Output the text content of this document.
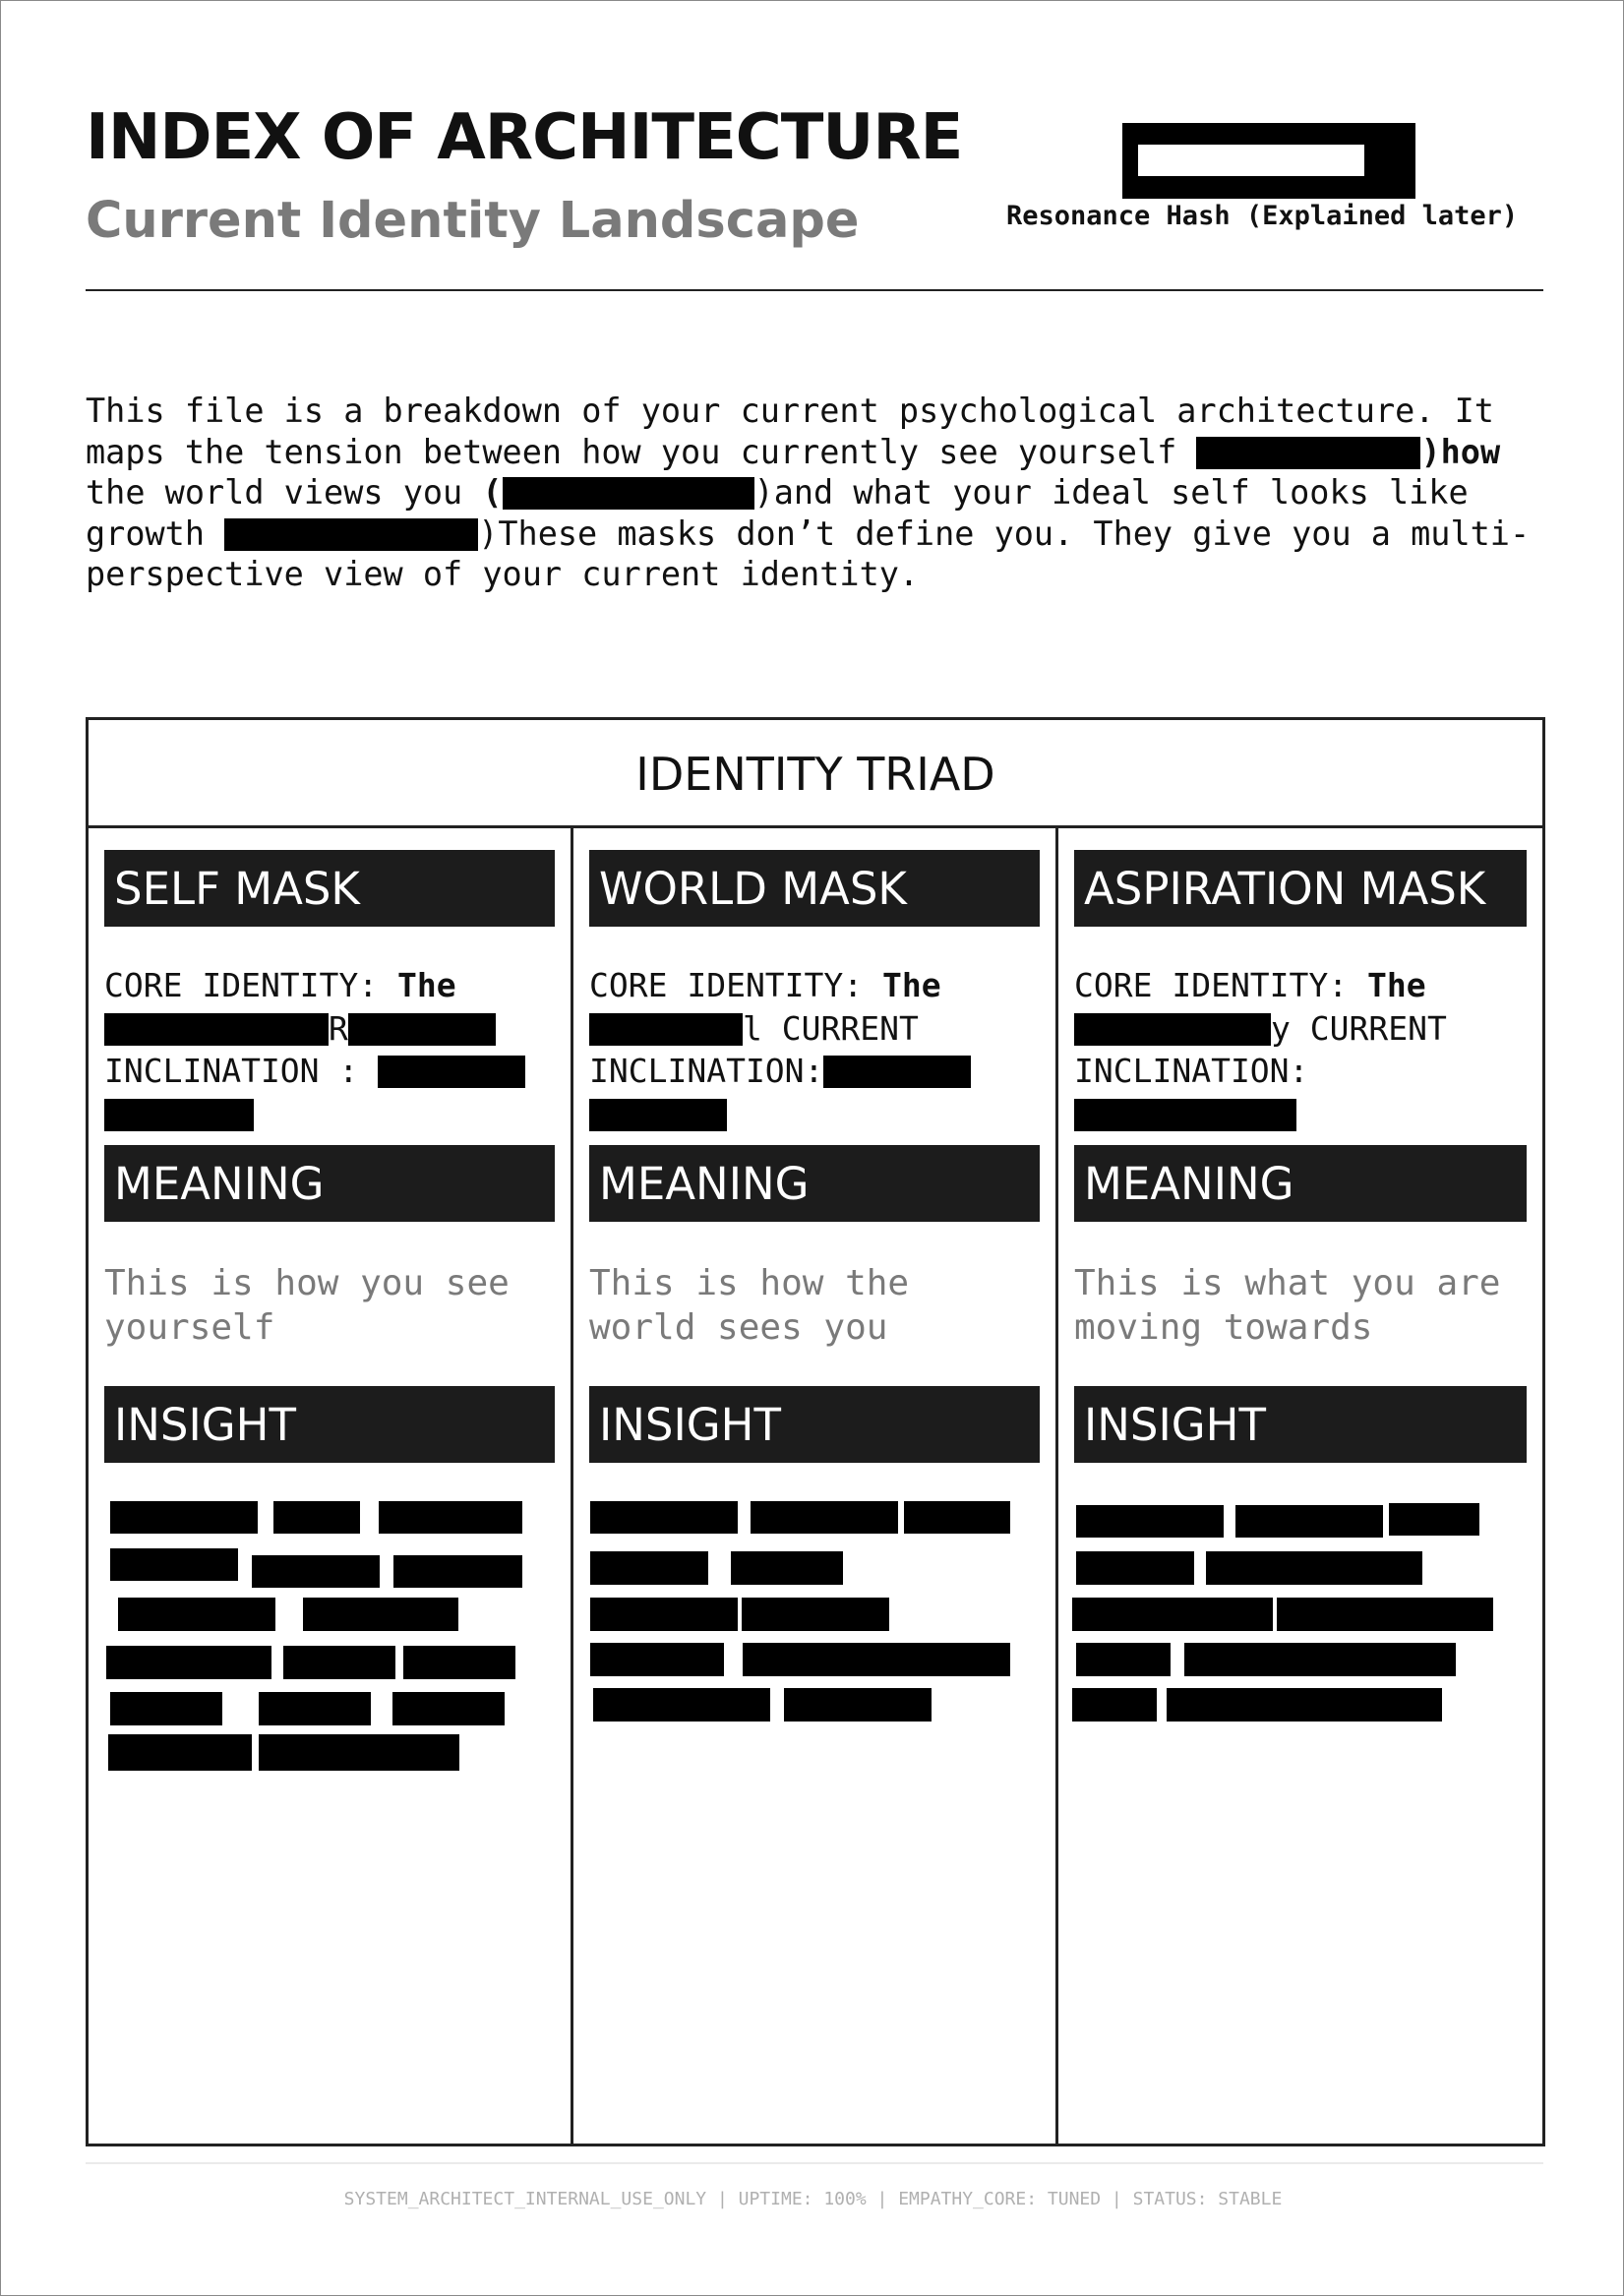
INDEX OF ARCHITECTURE
Current Identity Landscape	Resonance Hash (Explained later)
This file is a breakdown of your current psychological architecture. It
maps the tension between how you currently see yourself	)how
the world views you (	)and what your ideal self looks like
growth	)These masks don’t define you. They give you a multi-
perspective view of your current identity.
IDENTITY TRIAD
SELF MASK
CORE IDENTITY: The
R
INCLINATION :
MEANING
This is how you see
yourself
INSIGHT
WORLD MASK
CORE IDENTITY: The
l CURRENT
INCLINATION:
MEANING
This is how the
world sees you
INSIGHT
ASPIRATION MASK
CORE IDENTITY: The
y CURRENT
INCLINATION:
MEANING
This is what you are
moving towards
INSIGHT
SYSTEM_ARCHITECT_INTERNAL_USE_ONLY | UPTIME: 100% | EMPATHY_CORE: TUNED | STATUS: STABLE
